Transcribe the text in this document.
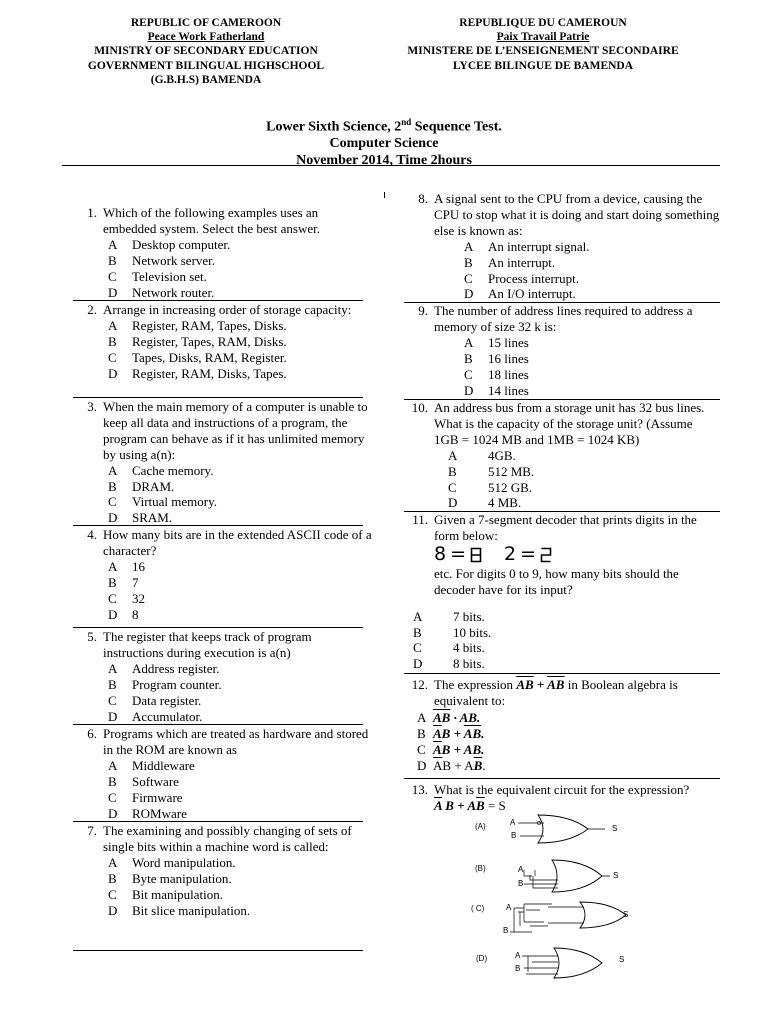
REPUBLIC OF CAMEROON
Peace Work Fatherland
MINISTRY OF SECONDARY EDUCATION
GOVERNMENT BILINGUAL HIGHSCHOOL
(G.B.H.S) BAMENDA
REPUBLIQUE DU CAMEROUN
Paix Travail Patrie
MINISTERE DE L’ENSEIGNEMENT SECONDAIRE
LYCEE BILINGUE DE BAMENDA
Lower Sixth Science, 2nd Sequence Test.
Computer Science
November 2014, Time 2hours
1. Which of the following examples uses an embedded system. Select the best answer.
A	Desktop computer.
B	Network server.
C	Television set.
D	Network router.
2. Arrange in increasing order of storage capacity:
A	Register, RAM, Tapes, Disks.
B	Register, Tapes, RAM, Disks.
C	Tapes, Disks, RAM, Register.
D	Register, RAM, Disks, Tapes.
3. When the main memory of a computer is unable to keep all data and instructions of a program, the program can behave as if it has unlimited memory by using a(n):
A	Cache memory.
B	DRAM.
C	Virtual memory.
D	SRAM.
4. How many bits are in the extended ASCII code of a character?
A	16
B	7
C	32
D	8
5. The register that keeps track of program instructions during execution is a(n)
A	Address register.
B	Program counter.
C	Data register.
D	Accumulator.
6. Programs which are treated as hardware and stored in the ROM are known as
A	Middleware
B	Software
C	Firmware
D	ROMware
7. The examining and possibly changing of sets of single bits within a machine word is called:
A	Word manipulation.
B	Byte manipulation.
C	Bit manipulation.
D	Bit slice manipulation.
8. A signal sent to the CPU from a device, causing the CPU to stop what it is doing and start doing something else is known as:
A	An interrupt signal.
B	An interrupt.
C	Process interrupt.
D	An I/O interrupt.
9. The number of address lines required to address a memory of size 32 k is:
A	15 lines
B	16 lines
C	18 lines
D	14 lines
10. An address bus from a storage unit has 32 bus lines. What is the capacity of the storage unit? (Assume 1GB = 1024 MB and 1MB = 1024 KB)
A	4GB.
B	512 MB.
C	512 GB.
D	4 MB.
11. Given a 7-segment decoder that prints digits in the form below:
8 = 2 =
etc. For digits 0 to 9, how many bits should the decoder have for its input?
A	7 bits.
B	10 bits.
C	4 bits.
D	8 bits.
12. The expression AB + AB in Boolean algebra is equivalent to:
A $\overline{A}\overline{B}$ · AB.
B $\overline{A}B$ + AB.
C $\overline{A}B$ + AB.
D $\overline{A}B + A\overline{B}$.
13. What is the equivalent circuit for the expression?
$\overline{A}$ $B + A\overline{B} = S$
(A)	A
B
S
(B)	A
B
S
( C)	A
B
S
(D)	A
B
S
